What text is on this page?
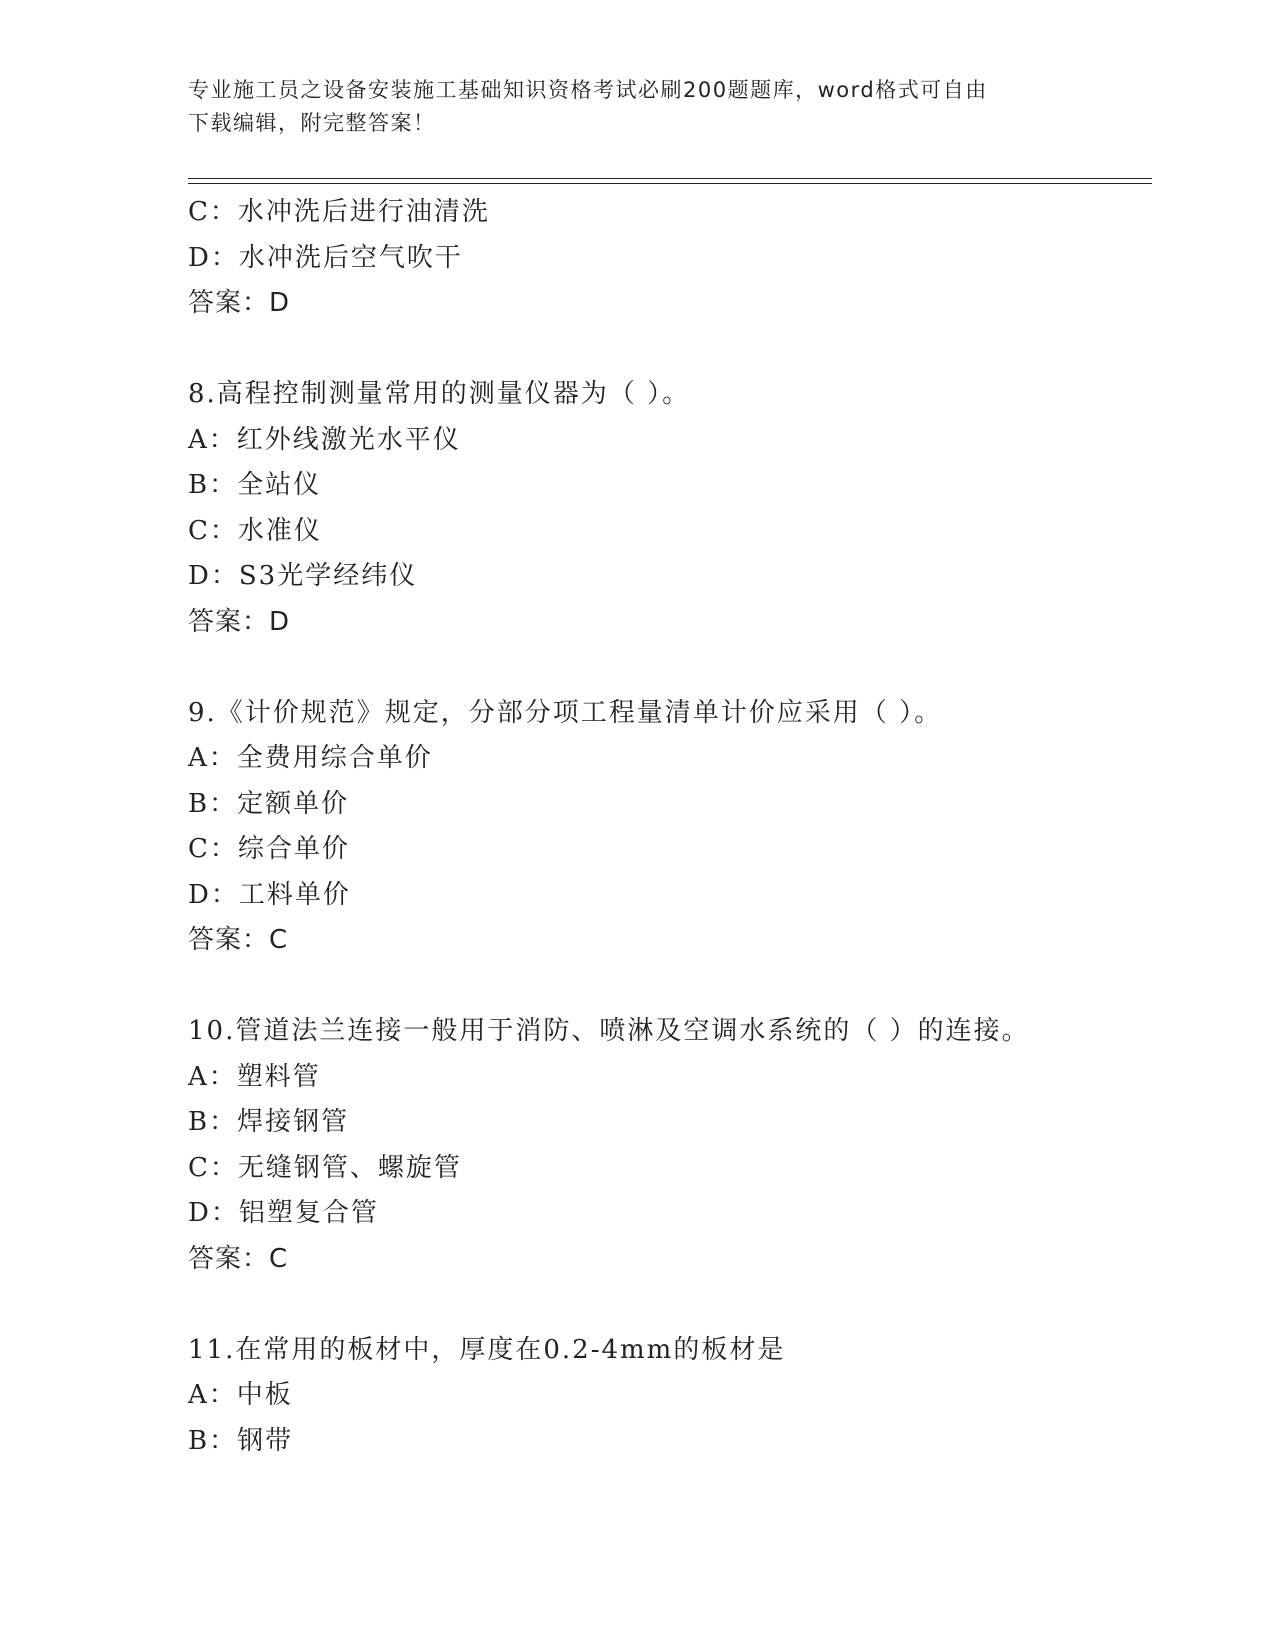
专业施工员之设备安装施工基础知识资格考试必刷200题题库，word格式可自由
下载编辑，附完整答案！
C：水冲洗后进行油清洗
D：水冲洗后空气吹干
答案：D
8.高程控制测量常用的测量仪器为（ ）。
A：红外线激光水平仪
B：全站仪
C：水准仪
D：S3光学经纬仪
答案：D
9.《计价规范》规定，分部分项工程量清单计价应采用（ ）。
A：全费用综合单价
B：定额单价
C：综合单价
D：工料单价
答案：C
10.管道法兰连接一般用于消防、喷淋及空调水系统的（ ）的连接。
A：塑料管
B：焊接钢管
C：无缝钢管、螺旋管
D：铝塑复合管
答案：C
11.在常用的板材中，厚度在0.2-4mm的板材是
A：中板
B：钢带
